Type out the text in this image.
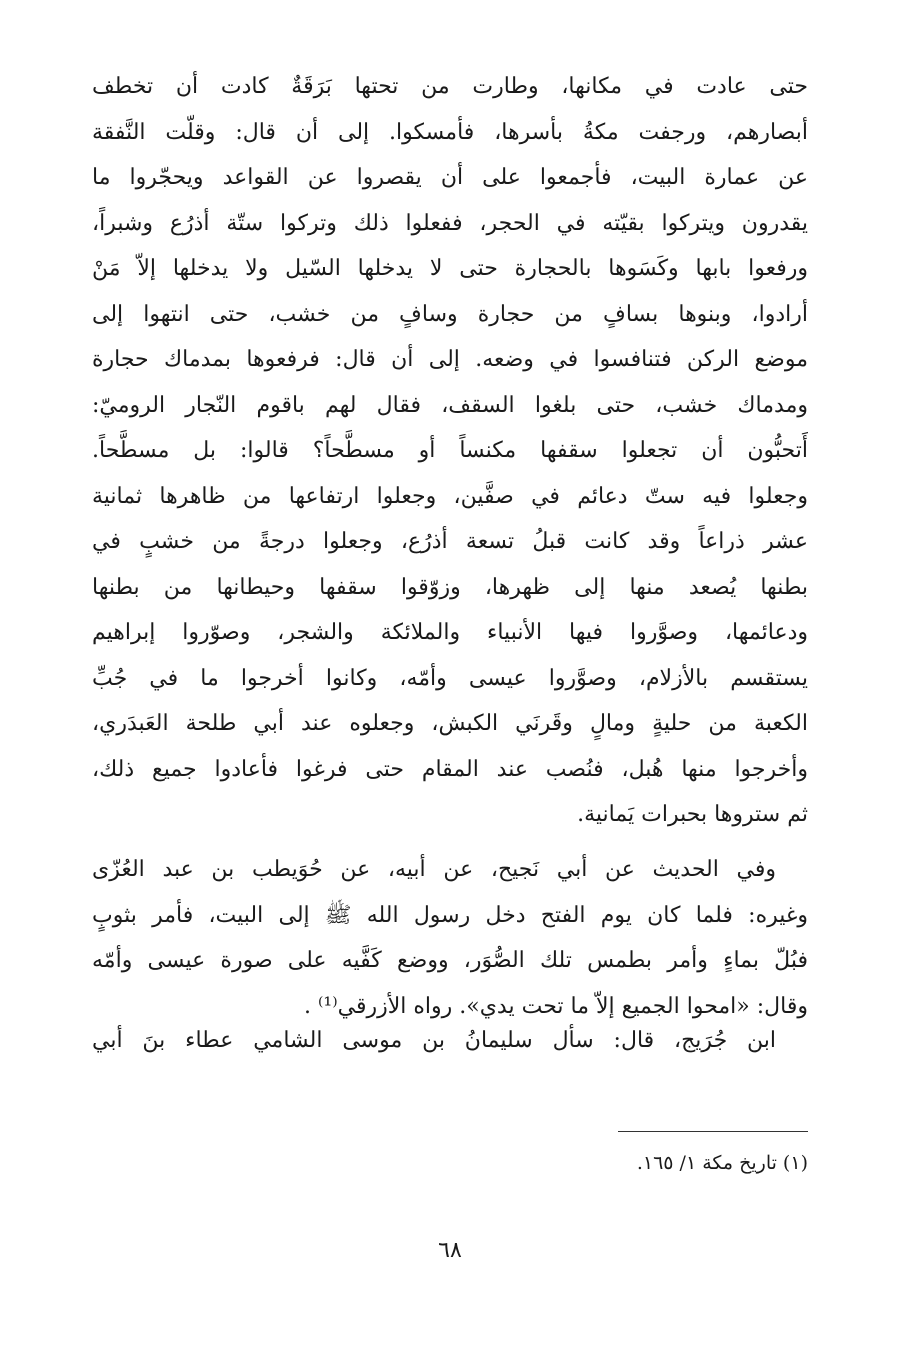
حتى عادت في مكانها، وطارت من تحتها بَرَقَةٌ كادت أن تخطف
أبصارهم، ورجفت مكةُ بأسرها، فأمسكوا. إلى أن قال: وقلّت النَّفقة
عن عمارة البيت، فأجمعوا على أن يقصروا عن القواعد ويحجّروا ما
يقدرون ويتركوا بقيّته في الحجر، ففعلوا ذلك وتركوا ستّة أذرُع وشبراً،
ورفعوا بابها وكَسَوها بالحجارة حتى لا يدخلها السّيل ولا يدخلها إلاّ مَنْ
أرادوا، وبنوها بسافٍ من حجارة وسافٍ من خشب، حتى انتهوا إلى
موضع الركن فتنافسوا في وضعه. إلى أن قال: فرفعوها بمدماك حجارة
ومدماك خشب، حتى بلغوا السقف، فقال لهم باقوم النّجار الروميّ:
أَتحبُّون أن تجعلوا سقفها مكنساً أو مسطَّحاً؟ قالوا: بل مسطَّحاً.
وجعلوا فيه ستّ دعائم في صفَّين، وجعلوا ارتفاعها من ظاهرها ثمانية
عشر ذراعاً وقد كانت قبلُ تسعة أذرُع، وجعلوا درجةً من خشبٍ في
بطنها يُصعد منها إلى ظهرها، وزوّقوا سقفها وحيطانها من بطنها
ودعائمها، وصوَّروا فيها الأنبياء والملائكة والشجر، وصوّروا إبراهيم
يستقسم بالأزلام، وصوَّروا عيسى وأمّه، وكانوا أخرجوا ما في جُبِّ
الكعبة من حليةٍ ومالٍ وقَرنَي الكبش، وجعلوه عند أبي طلحة العَبدَري،
وأخرجوا منها هُبل، فنُصب عند المقام حتى فرغوا فأعادوا جميع ذلك،
ثم ستروها بحبرات يَمانية.
وفي الحديث عن أبي نَجيح، عن أبيه، عن حُوَيطب بن عبد العُزّى
وغيره: فلما كان يوم الفتح دخل رسول الله ﷺ إلى البيت، فأمر بثوبٍ
فبُلّ بماءٍ وأمر بطمس تلك الصُّوَر، ووضع كَفَّيه على صورة عيسى وأمّه
وقال: «امحوا الجميع إلاّ ما تحت يدي». رواه الأزرقي⁽¹⁾ .
ابن جُرَيج، قال: سأل سليمانُ بن موسى الشامي عطاء بنَ أبي
(١) تاريخ مكة ١/ ١٦٥.
٦٨
